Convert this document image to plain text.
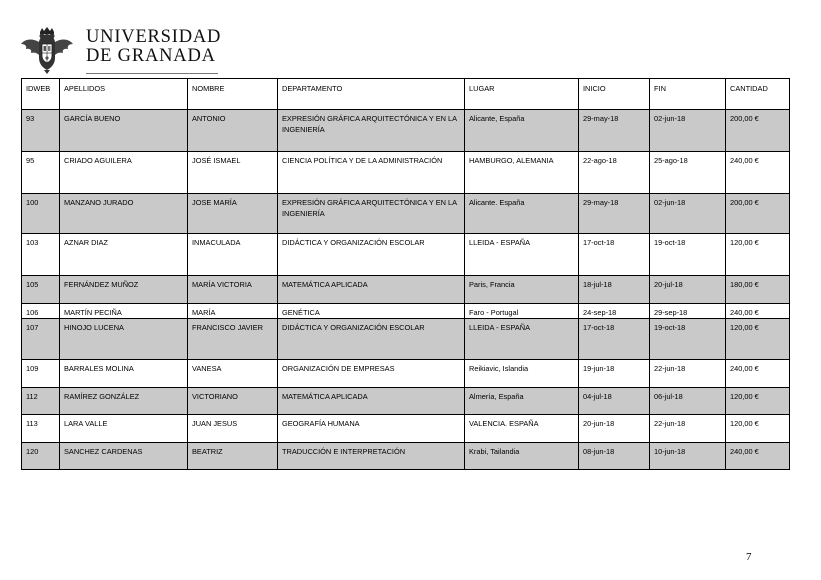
UNIVERSIDAD
DE GRANADA
IDWEB	APELLIDOS	NOMBRE	DEPARTAMENTO	LUGAR	INICIO	FIN	CANTIDAD
93	GARCÍA BUENO	ANTONIO	EXPRESIÓN GRÁFICA ARQUITECTÓNICA Y EN LA INGENIERÍA	Alicante, España	29-may-18	02-jun-18	200,00 €
95	CRIADO AGUILERA	JOSÉ ISMAEL	CIENCIA POLÍTICA Y DE LA ADMINISTRACIÓN	HAMBURGO, ALEMANIA	22-ago-18	25-ago-18	240,00 €
100	MANZANO JURADO	JOSE MARÍA	EXPRESIÓN GRÁFICA ARQUITECTÓNICA Y EN LA INGENIERÍA	Alicante. España	29-may-18	02-jun-18	200,00 €
103	AZNAR DIAZ	INMACULADA	DIDÁCTICA Y ORGANIZACIÓN ESCOLAR	LLEIDA - ESPAÑA	17-oct-18	19-oct-18	120,00 €
105	FERNÁNDEZ MUÑOZ	MARÍA VICTORIA	MATEMÁTICA APLICADA	Paris, Francia	18-jul-18	20-jul-18	180,00 €
106	MARTÍN PECIÑA	MARÍA	GENÉTICA	Faro - Portugal	24-sep-18	29-sep-18	240,00 €
107	HINOJO LUCENA	FRANCISCO JAVIER	DIDÁCTICA Y ORGANIZACIÓN ESCOLAR	LLEIDA - ESPAÑA	17-oct-18	19-oct-18	120,00 €
109	BARRALES MOLINA	VANESA	ORGANIZACIÓN DE EMPRESAS	Reikiavic, Islandia	19-jun-18	22-jun-18	240,00 €
112	RAMÍREZ GONZÁLEZ	VICTORIANO	MATEMÁTICA APLICADA	Almería, España	04-jul-18	06-jul-18	120,00 €
113	LARA VALLE	JUAN JESUS	GEOGRAFÍA HUMANA	VALENCIA. ESPAÑA	20-jun-18	22-jun-18	120,00 €
120	SANCHEZ CARDENAS	BEATRIZ	TRADUCCIÓN E INTERPRETACIÓN	Krabi, Tailandia	08-jun-18	10-jun-18	240,00 €
7
